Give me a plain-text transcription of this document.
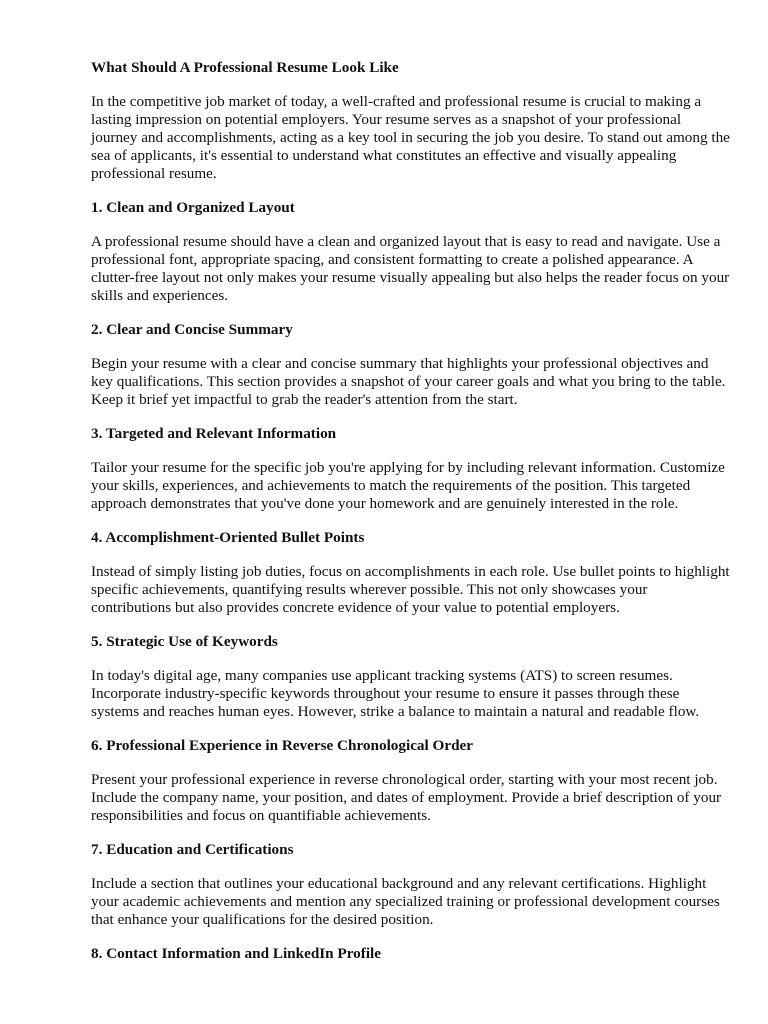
What Should A Professional Resume Look Like

In the competitive job market of today, a well-crafted and professional resume is crucial to making a lasting impression on potential employers. Your resume serves as a snapshot of your professional journey and accomplishments, acting as a key tool in securing the job you desire. To stand out among the sea of applicants, it's essential to understand what constitutes an effective and visually appealing professional resume.

1. Clean and Organized Layout

A professional resume should have a clean and organized layout that is easy to read and navigate. Use a professional font, appropriate spacing, and consistent formatting to create a polished appearance. A clutter-free layout not only makes your resume visually appealing but also helps the reader focus on your skills and experiences.

2. Clear and Concise Summary

Begin your resume with a clear and concise summary that highlights your professional objectives and key qualifications. This section provides a snapshot of your career goals and what you bring to the table. Keep it brief yet impactful to grab the reader's attention from the start.

3. Targeted and Relevant Information

Tailor your resume for the specific job you're applying for by including relevant information. Customize your skills, experiences, and achievements to match the requirements of the position. This targeted approach demonstrates that you've done your homework and are genuinely interested in the role.

4. Accomplishment-Oriented Bullet Points

Instead of simply listing job duties, focus on accomplishments in each role. Use bullet points to highlight specific achievements, quantifying results wherever possible. This not only showcases your contributions but also provides concrete evidence of your value to potential employers.

5. Strategic Use of Keywords

In today's digital age, many companies use applicant tracking systems (ATS) to screen resumes. Incorporate industry-specific keywords throughout your resume to ensure it passes through these systems and reaches human eyes. However, strike a balance to maintain a natural and readable flow.

6. Professional Experience in Reverse Chronological Order

Present your professional experience in reverse chronological order, starting with your most recent job. Include the company name, your position, and dates of employment. Provide a brief description of your responsibilities and focus on quantifiable achievements.

7. Education and Certifications

Include a section that outlines your educational background and any relevant certifications. Highlight your academic achievements and mention any specialized training or professional development courses that enhance your qualifications for the desired position.

8. Contact Information and LinkedIn Profile
